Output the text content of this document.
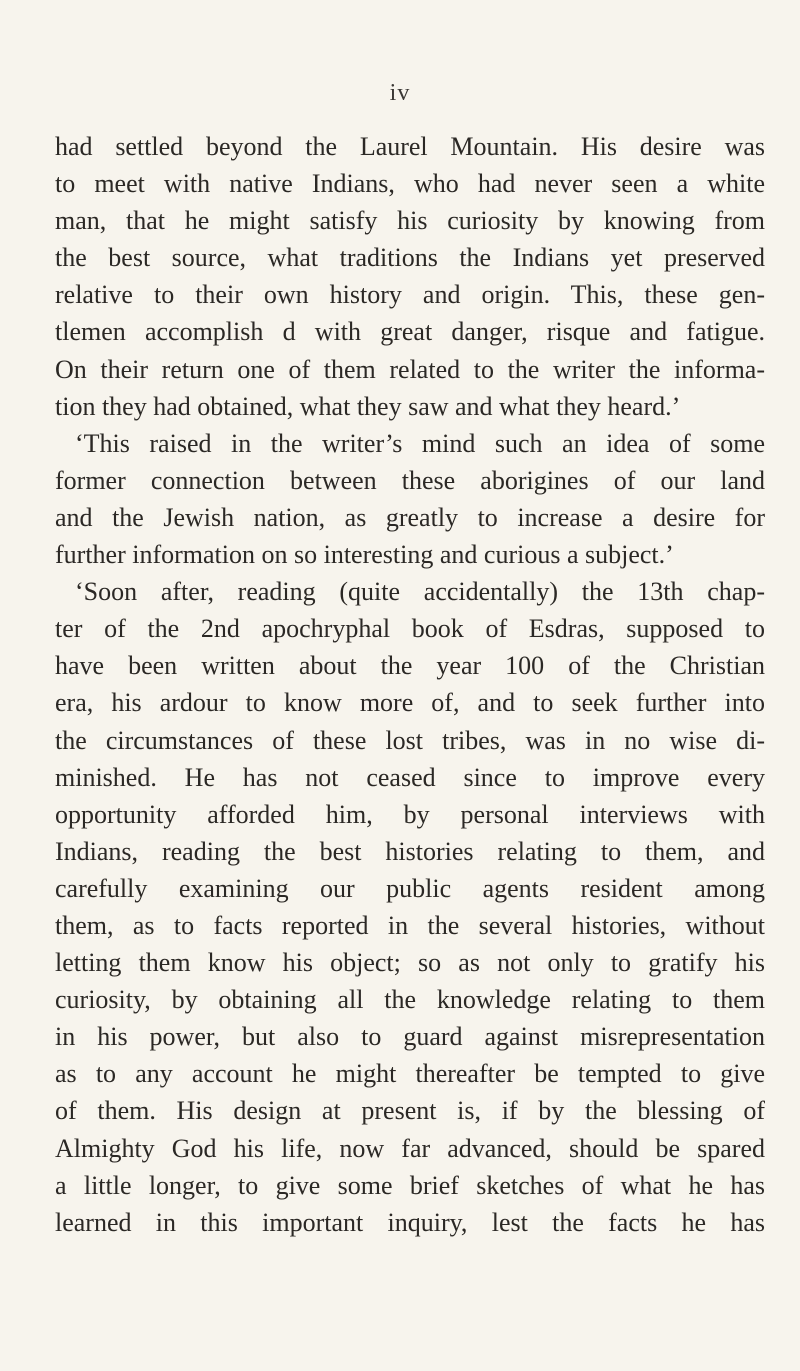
iv
had settled beyond the Laurel Mountain. His desire was
to meet with native Indians, who had never seen a white
man, that he might satisfy his curiosity by knowing from
the best source, what traditions the Indians yet preserved
relative to their own history and origin. This, these gen-
tlemen accomplish d with great danger, risque and fatigue.
On their return one of them related to the writer the informa-
tion they had obtained, what they saw and what they heard.’
‘This raised in the writer’s mind such an idea of some
former connection between these aborigines of our land
and the Jewish nation, as greatly to increase a desire for
further information on so interesting and curious a subject.’
‘Soon after, reading (quite accidentally) the 13th chap-
ter of the 2nd apochryphal book of Esdras, supposed to
have been written about the year 100 of the Christian
era, his ardour to know more of, and to seek further into
the circumstances of these lost tribes, was in no wise di-
minished. He has not ceased since to improve every
opportunity afforded him, by personal interviews with
Indians, reading the best histories relating to them, and
carefully examining our public agents resident among
them, as to facts reported in the several histories, without
letting them know his object; so as not only to gratify his
curiosity, by obtaining all the knowledge relating to them
in his power, but also to guard against misrepresentation
as to any account he might thereafter be tempted to give
of them. His design at present is, if by the blessing of
Almighty God his life, now far advanced, should be spared
a little longer, to give some brief sketches of what he has
learned in this important inquiry, lest the facts he has
